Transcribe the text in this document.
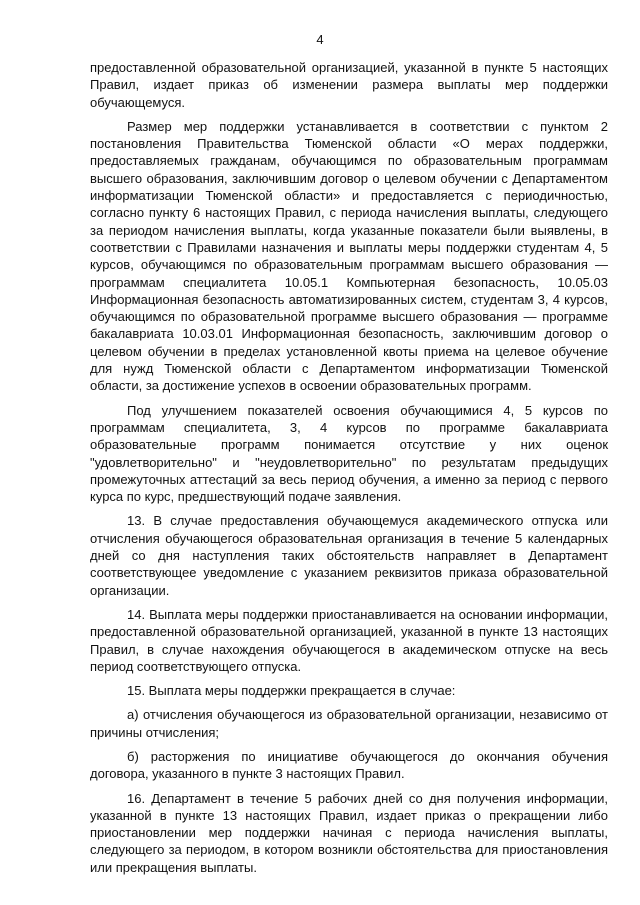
4

предоставленной образовательной организацией, указанной в пункте 5 настоящих Правил, издает приказ об изменении размера выплаты мер поддержки обучающемуся.

Размер мер поддержки устанавливается в соответствии с пунктом 2 постановления Правительства Тюменской области «О мерах поддержки, предоставляемых гражданам, обучающимся по образовательным программам высшего образования, заключившим договор о целевом обучении с Департаментом информатизации Тюменской области» и предоставляется с периодичностью, согласно пункту 6 настоящих Правил, с периода начисления выплаты, следующего за периодом начисления выплаты, когда указанные показатели были выявлены, в соответствии с Правилами назначения и выплаты меры поддержки студентам 4, 5 курсов, обучающимся по образовательным программам высшего образования — программам специалитета 10.05.1 Компьютерная безопасность, 10.05.03 Информационная безопасность автоматизированных систем, студентам 3, 4 курсов, обучающимся по образовательной программе высшего образования — программе бакалавриата 10.03.01 Информационная безопасность, заключившим договор о целевом обучении в пределах установленной квоты приема на целевое обучение для нужд Тюменской области с Департаментом информатизации Тюменской области, за достижение успехов в освоении образовательных программ.

Под улучшением показателей освоения обучающимися 4, 5 курсов по программам специалитета, 3, 4 курсов по программе бакалавриата образовательные программ понимается отсутствие у них оценок "удовлетворительно" и "неудовлетворительно" по результатам предыдущих промежуточных аттестаций за весь период обучения, а именно за период с первого курса по курс, предшествующий подаче заявления.

13. В случае предоставления обучающемуся академического отпуска или отчисления обучающегося образовательная организация в течение 5 календарных дней со дня наступления таких обстоятельств направляет в Департамент соответствующее уведомление с указанием реквизитов приказа образовательной организации.

14. Выплата меры поддержки приостанавливается на основании информации, предоставленной образовательной организацией, указанной в пункте 13 настоящих Правил, в случае нахождения обучающегося в академическом отпуске на весь период соответствующего отпуска.

15. Выплата меры поддержки прекращается в случае:

а) отчисления обучающегося из образовательной организации, независимо от причины отчисления;

б) расторжения по инициативе обучающегося до окончания обучения договора, указанного в пункте 3 настоящих Правил.

16. Департамент в течение 5 рабочих дней со дня получения информации, указанной в пункте 13 настоящих Правил, издает приказ о прекращении либо приостановлении мер поддержки начиная с периода начисления выплаты, следующего за периодом, в котором возникли обстоятельства для приостановления или прекращения выплаты.
